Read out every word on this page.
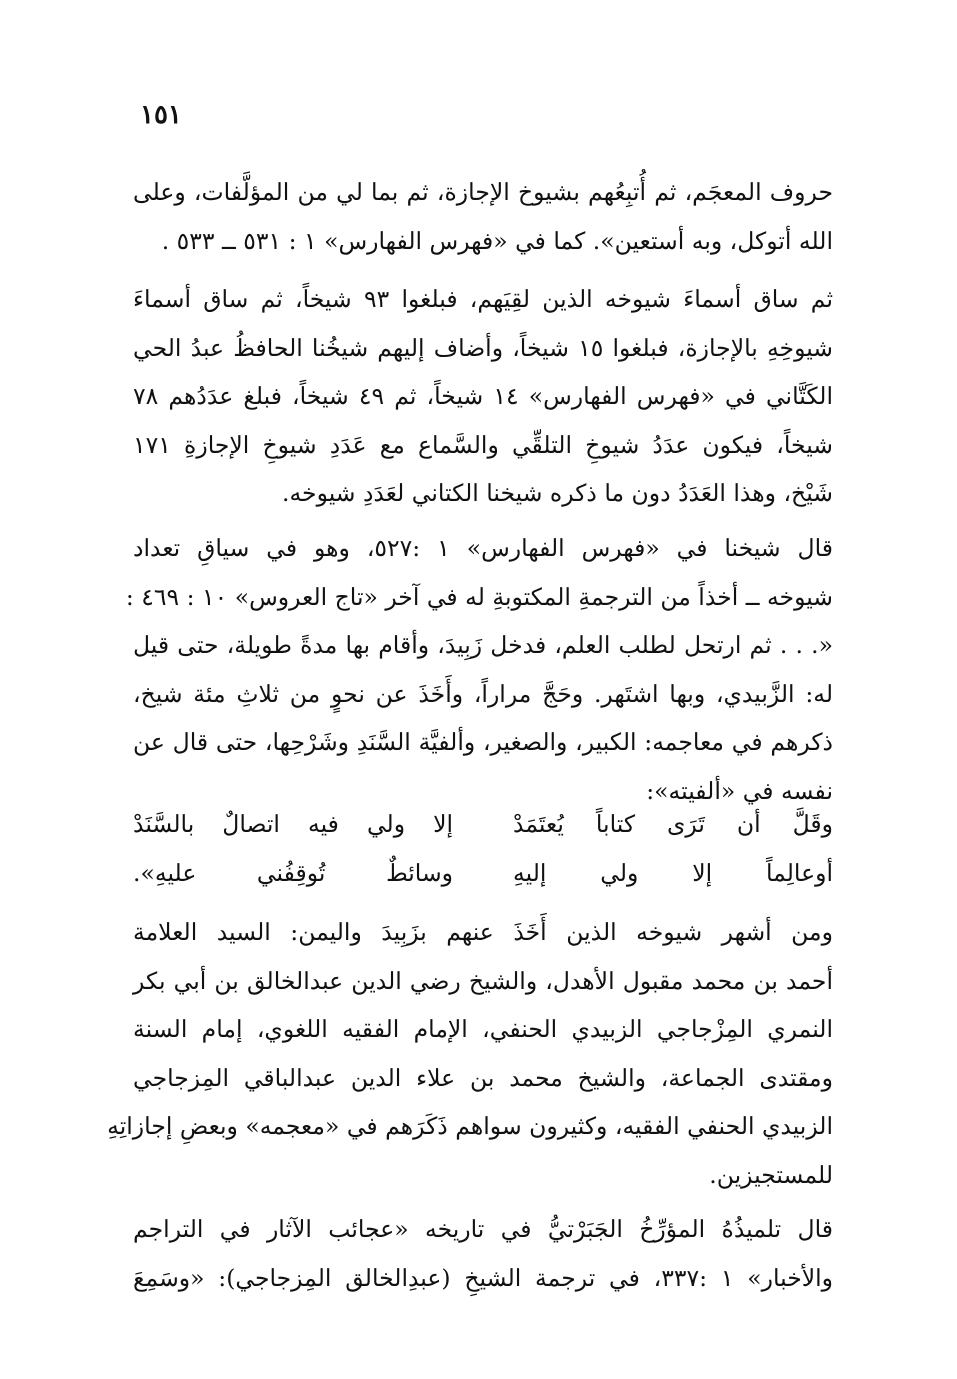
١٥١
حروف المعجَم، ثم أُتبِعُهم بشيوخ الإجازة، ثم بما لي من المؤلَّفات، وعلى
الله أتوكل، وبه أستعين». كما في «فهرس الفهارس» ١ : ٥٣١ ــ ٥٣٣ .
ثم ساق أسماءَ شيوخه الذين لقِيَهم، فبلغوا ٩٣ شيخاً، ثم ساق أسماءَ
شيوخِهِ بالإجازة، فبلغوا ١٥ شيخاً، وأضاف إليهم شيخُنا الحافظُ عبدُ الحي
الكَتَّاني في «فهرس الفهارس» ١٤ شيخاً، ثم ٤٩ شيخاً، فبلغ عدَدُهم ٧٨
شيخاً، فيكون عدَدُ شيوخِ التلقِّي والسَّماع مع عَدَدِ شيوخِ الإجازةِ ١٧١
شَيْخ، وهذا العَدَدُ دون ما ذكره شيخنا الكتاني لعَدَدِ شيوخه.
قال شيخنا في «فهرس الفهارس» ١ :٥٢٧، وهو في سياقِ تعداد
شيوخه ــ أخذاً من الترجمةِ المكتوبةِ له في آخر «تاج العروس» ١٠ : ٤٦٩ :
«. . . ثم ارتحل لطلب العلم، فدخل زَبِيدَ، وأقام بها مدةً طويلة، حتى قيل
له: الزَّبيدي، وبها اشتَهر. وحَجَّ مراراً، وأَخَذَ عن نحوٍ من ثلاثِ مئة شيخ،
ذكرهم في معاجمه: الكبير، والصغير، وألفيَّة السَّنَدِ وشَرْحِها، حتى قال عن
نفسه في «ألفيته»:
وقَلَّ أن تَرَى كتاباً يُعتَمَدْ
إلا ولي فيه اتصالٌ بالسَّنَدْ
أوعالِماً إلا ولي إليهِ
وسائطٌ تُوقِفُني عليهِ».
ومن أشهر شيوخه الذين أَخَذَ عنهم بزَبِيدَ واليمن: السيد العلامة
أحمد بن محمد مقبول الأهدل، والشيخ رضي الدين عبدالخالق بن أبي بكر
النمري المِزْجاجي الزبيدي الحنفي، الإمام الفقيه اللغوي، إمام السنة
ومقتدى الجماعة، والشيخ محمد بن علاء الدين عبدالباقي المِزجاجي
الزبيدي الحنفي الفقيه، وكثيرون سواهم ذَكَرَهم في «معجمه» وبعضِ إجازاتِهِ
للمستجيزين.
قال تلميذُهُ المؤرِّخُ الجَبَرْتيُّ في تاريخه «عجائب الآثار في التراجم
والأخبار» ١ :٣٣٧، في ترجمة الشيخِ (عبدِالخالق المِزجاجي): «وسَمِعَ
